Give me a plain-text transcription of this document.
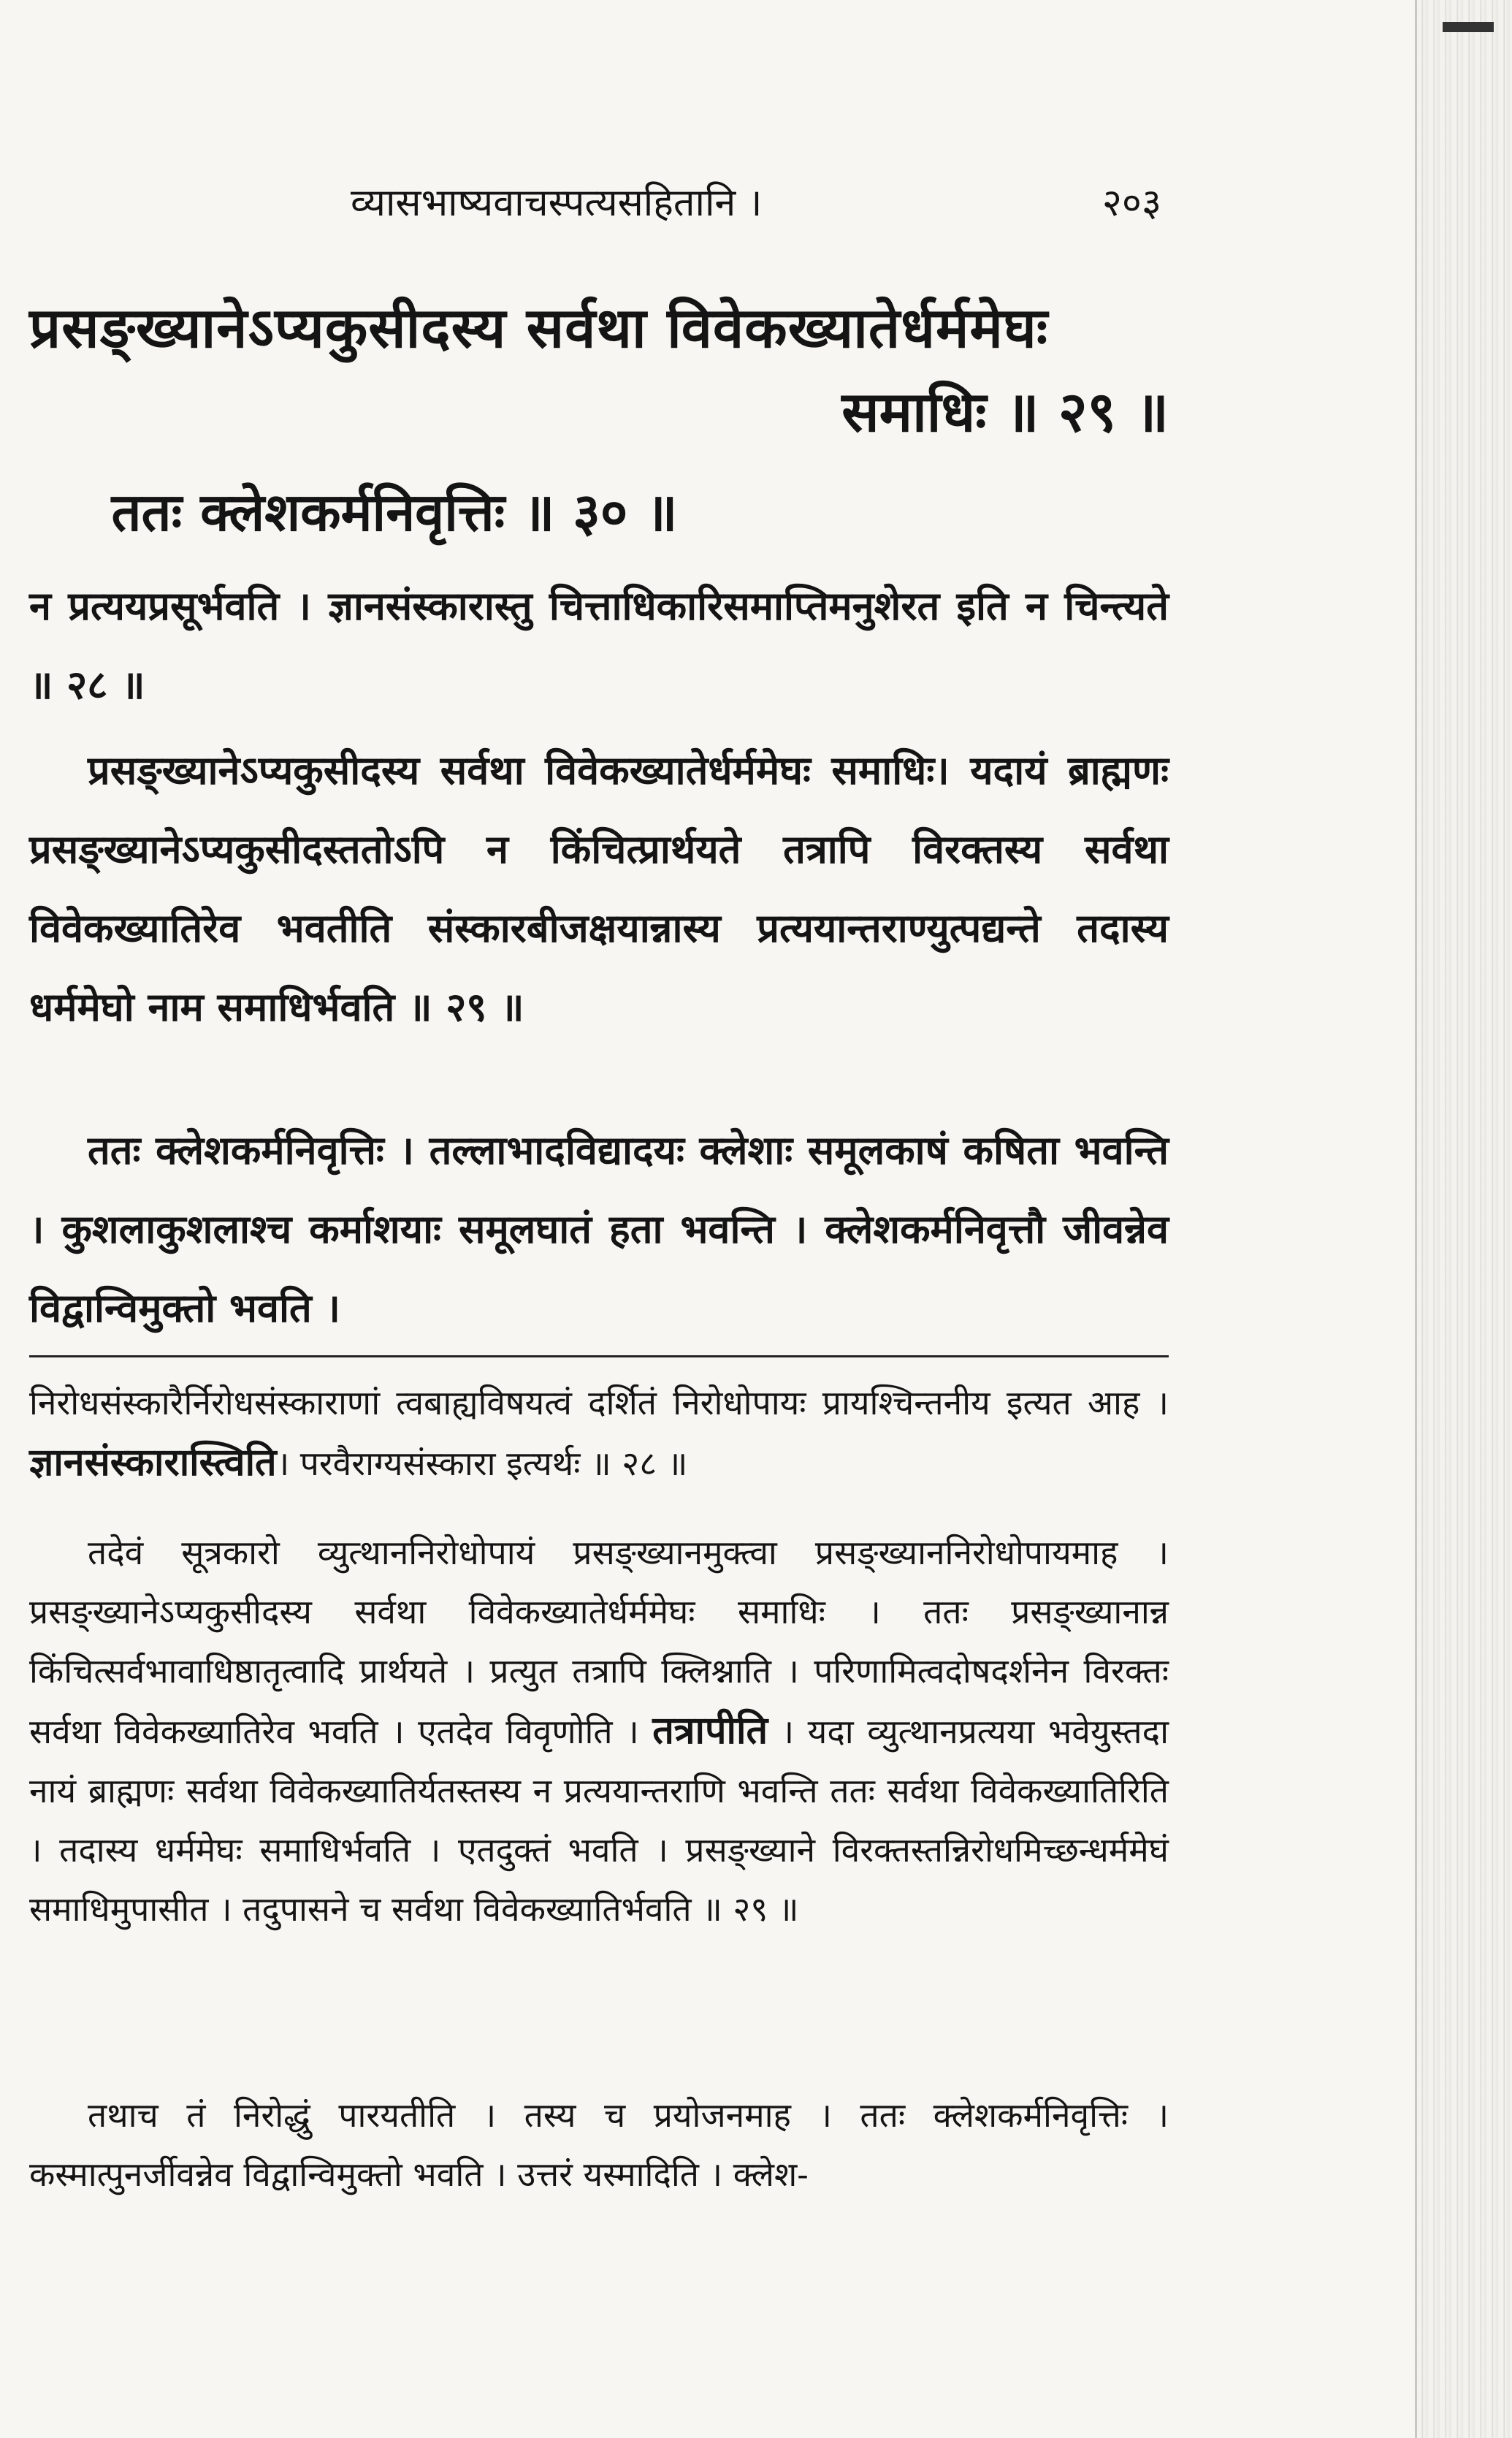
व्यासभाष्यवाचस्पत्यसहितानि ।	२०३
प्रसङ्ख्यानेऽप्यकुसीदस्य सर्वथा विवेकख्यातेर्धर्ममेघः
समाधिः ॥ २९ ॥
ततः क्लेशकर्मनिवृत्तिः ॥ ३० ॥

न प्रत्ययप्रसूर्भवति । ज्ञानसंस्कारास्तु चित्ताधिकारिसमाप्तिमनुशेरत इति न चिन्त्यते ॥ २८ ॥

प्रसङ्ख्यानेऽप्यकुसीदस्य सर्वथा विवेकख्यातेर्धर्ममेघः समाधिः। यदायं ब्राह्मणः प्रसङ्ख्यानेऽप्यकुसीदस्ततोऽपि न किंचित्प्रार्थयते तत्रापि विरक्तस्य सर्वथा विवेकख्यातिरेव भवतीति संस्कारबीजक्षयान्नास्य प्रत्ययान्तराण्युत्पद्यन्ते तदास्य धर्ममेघो नाम समाधिर्भवति ॥ २९ ॥

ततः क्लेशकर्मनिवृत्तिः । तल्लाभादविद्यादयः क्लेशाः समूलकाषं कषिता भवन्ति । कुशलाकुशलाश्च कर्माशयाः समूलघातं हता भवन्ति । क्लेशकर्मनिवृत्तौ जीवन्नेव विद्वान्विमुक्तो भवति ।

निरोधसंस्कारैर्निरोधसंस्काराणां त्वबाह्यविषयत्वं दर्शितं निरोधोपायः प्रायश्चिन्तनीय इत्यत आह । ज्ञानसंस्कारास्त्विति। परवैराग्यसंस्कारा इत्यर्थः ॥ २८ ॥

तदेवं सूत्रकारो व्युत्थाननिरोधोपायं प्रसङ्ख्यानमुक्त्वा प्रसङ्ख्याननिरोधोपायमाह । प्रसङ्ख्यानेऽप्यकुसीदस्य सर्वथा विवेकख्यातेर्धर्ममेघः समाधिः । ततः प्रसङ्ख्यानान्न किंचित्सर्वभावाधिष्ठातृत्वादि प्रार्थयते । प्रत्युत तत्रापि क्लिश्नाति । परिणामित्वदोषदर्शनेन विरक्तः सर्वथा विवेकख्यातिरेव भवति । एतदेव विवृणोति । तत्रापीति । यदा व्युत्थानप्रत्यया भवेयुस्तदा नायं ब्राह्मणः सर्वथा विवेकख्यातिर्यतस्तस्य न प्रत्ययान्तराणि भवन्ति ततः सर्वथा विवेकख्यातिरिति । तदास्य धर्ममेघः समाधिर्भवति । एतदुक्तं भवति । प्रसङ्ख्याने विरक्तस्तन्निरोधमिच्छन्धर्ममेघं समाधिमुपासीत । तदुपासने च सर्वथा विवेकख्यातिर्भवति ॥ २९ ॥

तथाच तं निरोद्धुं पारयतीति । तस्य च प्रयोजनमाह । ततः क्लेशकर्मनिवृत्तिः । कस्मात्पुनर्जीवन्नेव विद्वान्विमुक्तो भवति । उत्तरं यस्मादिति । क्लेश-
